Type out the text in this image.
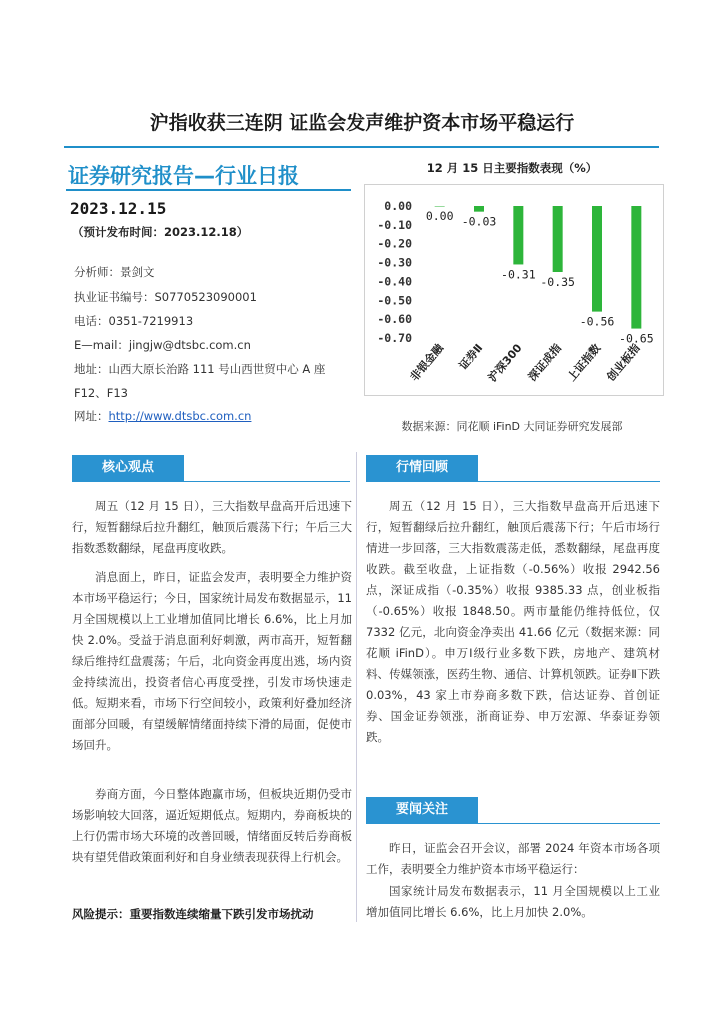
沪指收获三连阴 证监会发声维护资本市场平稳运行
证券研究报告—行业日报
2023.12.15
（预计发布时间：2023.12.18）
分析师：景剑文
执业证书编号：S0770523090001
电话：0351-7219913
E—mail：jingjw@dtsbc.com.cn
地址：山西大原长治路 111 号山西世贸中心 A 座
F12、F13
网址：http://www.dtsbc.com.cn
12 月 15 日主要指数表现（%）
0.00
-0.10
-0.20
-0.30
-0.40
-0.50
-0.60
-0.70
0.00
非银金融
-0.03
证券Ⅱ
-0.31
沪深300
-0.35
深证成指
-0.56
上证指数
-0.65
创业板指
数据来源：同花顺 iFinD 大同证券研究发展部
核心观点

周五（12 月 15 日），三大指数早盘高开后迅速下行，短暂翻绿后拉升翻红，触顶后震荡下行；午后三大指数悉数翻绿，尾盘再度收跌。

消息面上，昨日，证监会发声，表明要全力维护资本市场平稳运行；今日，国家统计局发布数据显示，11 月全国规模以上工业增加值同比增长 6.6%，比上月加快 2.0%。受益于消息面利好刺激，两市高开，短暂翻绿后维持红盘震荡；午后，北向资金再度出逃，场内资金持续流出，投资者信心再度受挫，引发市场快速走低。短期来看，市场下行空间较小，政策利好叠加经济面部分回暖，有望缓解情绪面持续下滑的局面，促使市场回升。

券商方面，今日整体跑赢市场，但板块近期仍受市场影响较大回落，逼近短期低点。短期内，券商板块的上行仍需市场大环境的改善回暖，情绪面反转后券商板块有望凭借政策面利好和自身业绩表现获得上行机会。

风险提示：重要指数连续缩量下跌引发市场扰动
行情回顾

周五（12 月 15 日），三大指数早盘高开后迅速下行，短暂翻绿后拉升翻红，触顶后震荡下行；午后市场行情进一步回落，三大指数震荡走低，悉数翻绿，尾盘再度收跌。截至收盘，上证指数（-0.56%）收报 2942.56 点，深证成指（-0.35%）收报 9385.33 点，创业板指（-0.65%）收报 1848.50。两市量能仍维持低位，仅 7332 亿元，北向资金净卖出 41.66 亿元（数据来源：同花顺 iFinD）。申万Ⅰ级行业多数下跌，房地产、建筑材料、传媒领涨，医药生物、通信、计算机领跌。证券Ⅱ下跌 0.03%，43 家上市券商多数下跌，信达证券、首创证券、国金证券领涨，浙商证券、申万宏源、华泰证券领跌。

要闻关注

昨日，证监会召开会议，部署 2024 年资本市场各项工作，表明要全力维护资本市场平稳运行：

国家统计局发布数据表示，11 月全国规模以上工业增加值同比增长 6.6%，比上月加快 2.0%。
